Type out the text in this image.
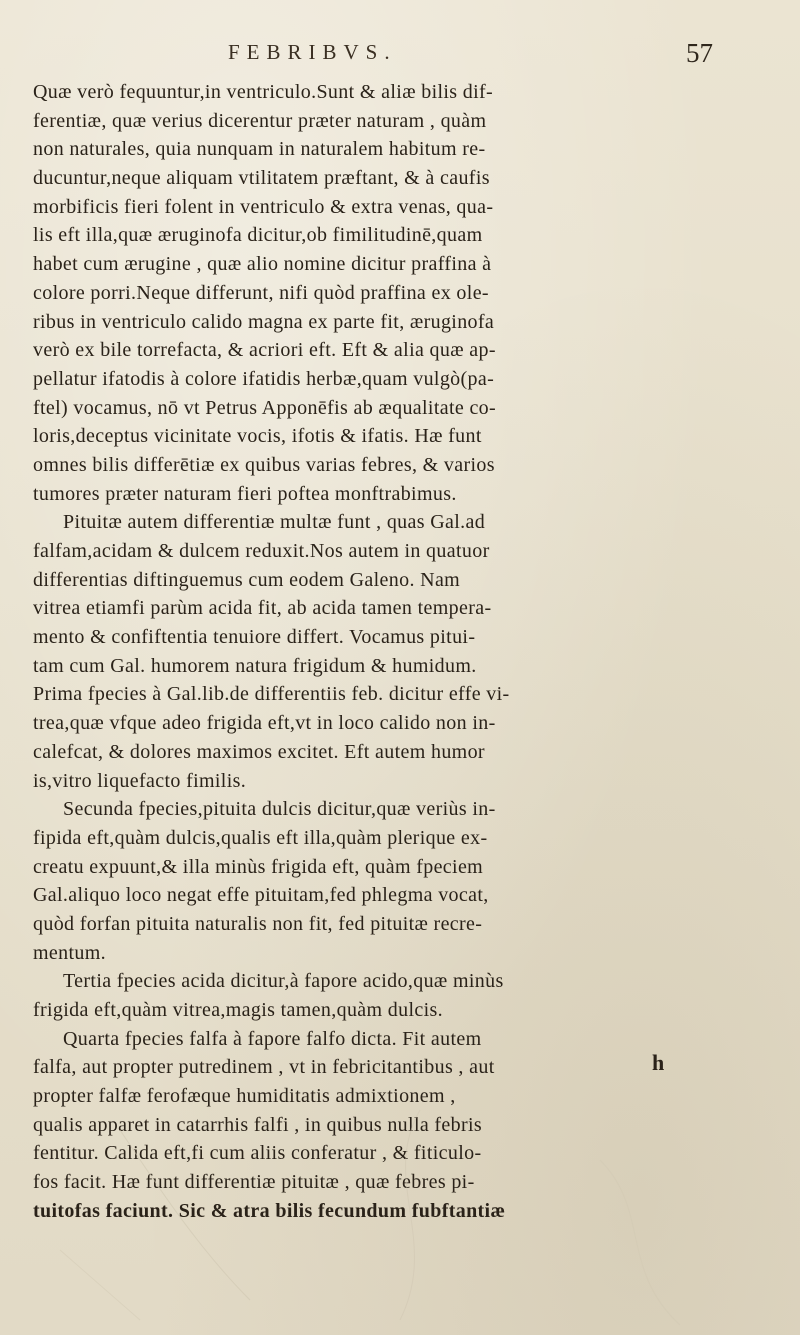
FEBRIBVS.	57
Quæ verò fequuntur,in ventriculo.Sunt & aliæ bilis dif-
ferentiæ, quæ verius dicerentur præter naturam , quàm
non naturales, quia nunquam in naturalem habitum re-
ducuntur,neque aliquam vtilitatem præftant, & à caufis
morbificis fieri folent in ventriculo & extra venas, qua-
lis eft illa,quæ æruginofa dicitur,ob fimilitudinē,quam
habet cum ærugine , quæ alio nomine dicitur praffina à
colore porri.Neque differunt, nifi quòd praffina ex ole-
ribus in ventriculo calido magna ex parte fit, æruginofa
verò ex bile torrefacta, & acriori eft. Eft & alia quæ ap-
pellatur ifatodis à colore ifatidis herbæ,quam vulgò(pa-
ftel) vocamus, nō vt Petrus Apponēfis ab æqualitate co-
loris,deceptus vicinitate vocis, ifotis & ifatis. Hæ funt
omnes bilis differētiæ ex quibus varias febres, & varios
tumores præter naturam fieri poftea monftrabimus.
Pituitæ autem differentiæ multæ funt , quas Gal.ad
falfam,acidam & dulcem reduxit.Nos autem in quatuor
differentias diftinguemus cum eodem Galeno. Nam
vitrea etiamfi parùm acida fit, ab acida tamen tempera-
mento & confiftentia tenuiore differt. Vocamus pitui-
tam cum Gal. humorem natura frigidum & humidum.
Prima fpecies à Gal.lib.de differentiis feb. dicitur effe vi-
trea,quæ vfque adeo frigida eft,vt in loco calido non in-
calefcat, & dolores maximos excitet. Eft autem humor
is,vitro liquefacto fimilis.
Secunda fpecies,pituita dulcis dicitur,quæ veriùs in-
fipida eft,quàm dulcis,qualis eft illa,quàm plerique ex-
creatu expuunt,& illa minùs frigida eft, quàm fpeciem
Gal.aliquo loco negat effe pituitam,fed phlegma vocat,
quòd forfan pituita naturalis non fit, fed pituitæ recre-
mentum.
Tertia fpecies acida dicitur,à fapore acido,quæ minùs
frigida eft,quàm vitrea,magis tamen,quàm dulcis.
Quarta fpecies falfa à fapore falfo dicta. Fit autem
falfa, aut propter putredinem , vt in febricitantibus , aut
propter falfæ ferofæque humiditatis admixtionem ,
qualis apparet in catarrhis falfi , in quibus nulla febris
fentitur. Calida eft,fi cum aliis conferatur , & fiticulo-
fos facit. Hæ funt differentiæ pituitæ , quæ febres pi-
tuitofas faciunt. Sic & atra bilis fecundum fubftantiæ
h
